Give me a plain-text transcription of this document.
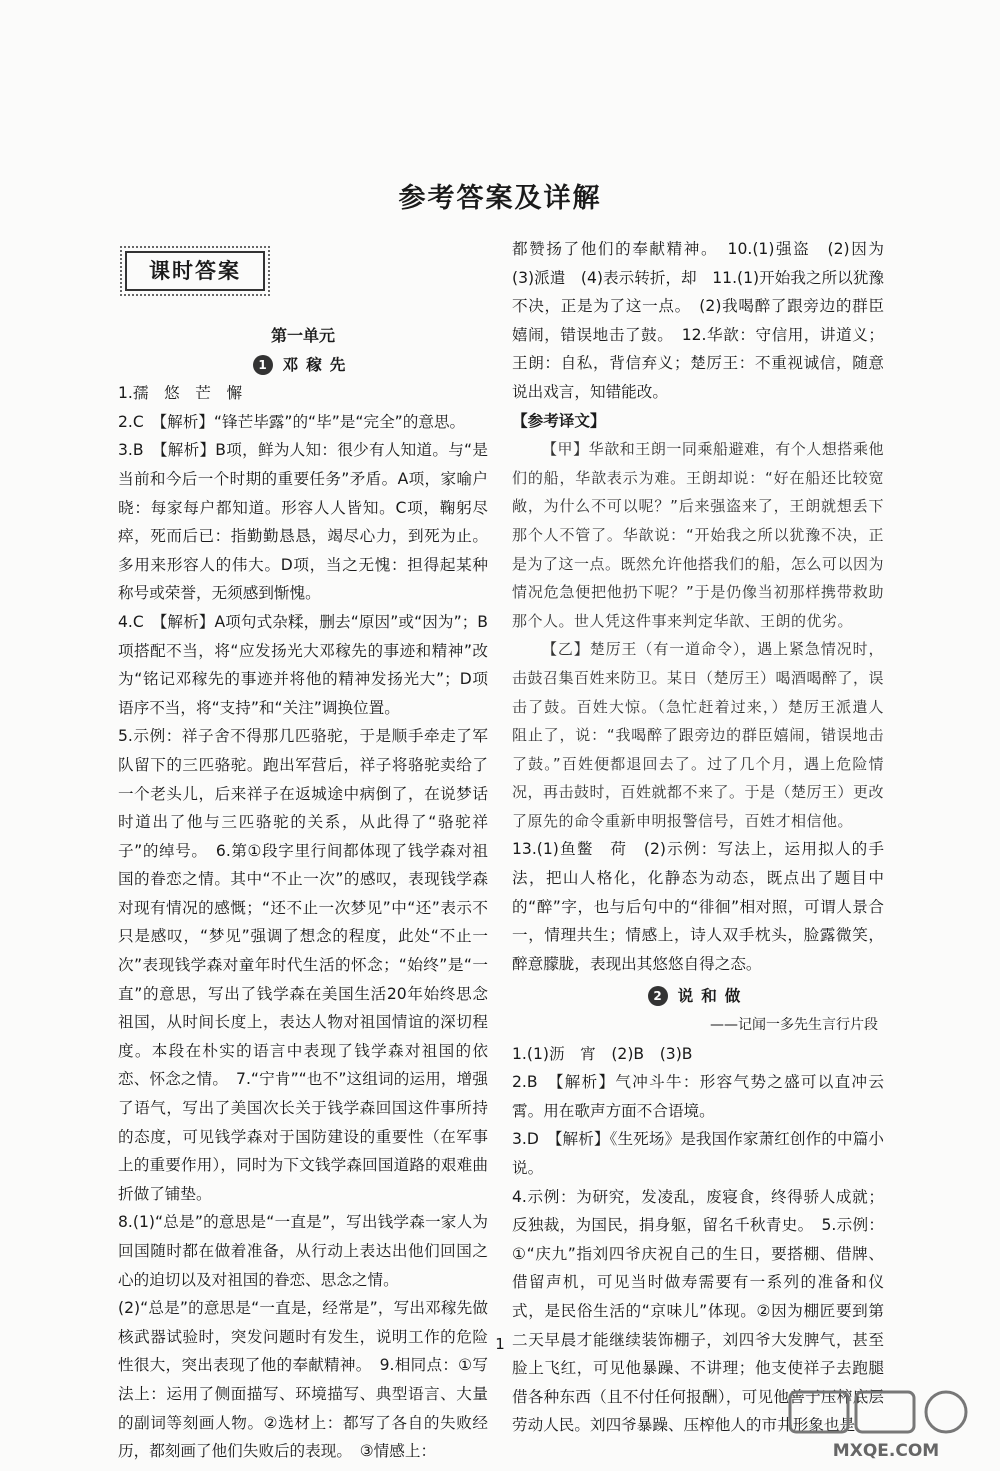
参考答案及详解
课时答案
第一单元
1 邓稼先

1.孺　悠　芒　懈

2.C　【解析】“锋芒毕露”的“毕”是“完全”的意思。

3.B　【解析】B项，鲜为人知：很少有人知道。与“是当前和今后一个时期的重要任务”矛盾。A项，家喻户晓：每家每户都知道。形容人人皆知。C项，鞠躬尽瘁，死而后已：指勤勤恳恳，竭尽心力，到死为止。多用来形容人的伟大。D项，当之无愧：担得起某种称号或荣誉，无须感到惭愧。

4.C　【解析】A项句式杂糅，删去“原因”或“因为”；B项搭配不当，将“应发扬光大邓稼先的事迹和精神”改为“铭记邓稼先的事迹并将他的精神发扬光大”；D项语序不当，将“支持”和“关注”调换位置。

5.示例：祥子舍不得那几匹骆驼，于是顺手牵走了军队留下的三匹骆驼。跑出军营后，祥子将骆驼卖给了一个老头儿，后来祥子在返城途中病倒了，在说梦话时道出了他与三匹骆驼的关系，从此得了“骆驼祥子”的绰号。　6.第①段字里行间都体现了钱学森对祖国的眷恋之情。其中“不止一次”的感叹，表现钱学森对现有情况的感慨；“还不止一次梦见”中“还”表示不只是感叹，“梦见”强调了想念的程度，此处“不止一次”表现钱学森对童年时代生活的怀念；“始终”是“一直”的意思，写出了钱学森在美国生活20年始终思念祖国，从时间长度上，表达人物对祖国情谊的深切程度。本段在朴实的语言中表现了钱学森对祖国的依恋、怀念之情。　7.“宁肯”“也不”这组词的运用，增强了语气，写出了美国次长关于钱学森回国这件事所持的态度，可见钱学森对于国防建设的重要性（在军事上的重要作用），同时为下文钱学森回国道路的艰难曲折做了铺垫。

8.(1)“总是”的意思是“一直是”，写出钱学森一家人为回国随时都在做着准备，从行动上表达出他们回国之心的迫切以及对祖国的眷恋、思念之情。

(2)“总是”的意思是“一直是，经常是”，写出邓稼先做核武器试验时，突发问题时有发生，说明工作的危险性很大，突出表现了他的奉献精神。　9.相同点：①写法上：运用了侧面描写、环境描写、典型语言、大量的副词等刻画人物。②选材上：都写了各自的失败经历，都刻画了他们失败后的表现。　③情感上：

都赞扬了他们的奉献精神。　10.(1)强盗　(2)因为　(3)派遣　(4)表示转折，却　11.(1)开始我之所以犹豫不决，正是为了这一点。　(2)我喝醉了跟旁边的群臣嬉闹，错误地击了鼓。　12.华歆：守信用，讲道义；王朗：自私，背信弃义；楚厉王：不重视诚信，随意说出戏言，知错能改。

【参考译文】

【甲】华歆和王朗一同乘船避难，有个人想搭乘他们的船，华歆表示为难。王朗却说：“好在船还比较宽敞，为什么不可以呢？”后来强盗来了，王朗就想丢下那个人不管了。华歆说：“开始我之所以犹豫不决，正是为了这一点。既然允许他搭我们的船，怎么可以因为情况危急便把他扔下呢？”于是仍像当初那样携带救助那个人。世人凭这件事来判定华歆、王朗的优劣。

【乙】楚厉王（有一道命令），遇上紧急情况时，击鼓召集百姓来防卫。某日（楚厉王）喝酒喝醉了，误击了鼓。百姓大惊。（急忙赶着过来，）楚厉王派遣人阻止了，说：“我喝醉了跟旁边的群臣嬉闹，错误地击了鼓。”百姓便都退回去了。过了几个月，遇上危险情况，再击鼓时，百姓就都不来了。于是（楚厉王）更改了原先的命令重新申明报警信号，百姓才相信他。

13.(1)鱼鳖　荷　(2)示例：写法上，运用拟人的手法，把山人格化，化静态为动态，既点出了题目中的“醉”字，也与后句中的“徘徊”相对照，可谓人景合一，情理共生；情感上，诗人双手枕头，脸露微笑，醉意朦胧，表现出其悠悠自得之态。

2 说和做
——记闻一多先生言行片段

1.(1)沥　宵　(2)B　(3)B

2.B　【解析】气冲斗牛：形容气势之盛可以直冲云霄。用在歌声方面不合语境。

3.D　【解析】《生死场》是我国作家萧红创作的中篇小说。

4.示例：为研究，发凌乱，废寝食，终得骄人成就；反独裁，为国民，捐身躯，留名千秋青史。　5.示例：①“庆九”指刘四爷庆祝自己的生日，要搭棚、借牌、借留声机，可见当时做寿需要有一系列的准备和仪式，是民俗生活的“京味儿”体现。②因为棚匠要到第二天早晨才能继续装饰棚子，刘四爷大发脾气，甚至脸上飞红，可见他暴躁、不讲理；他支使祥子去跑腿借各种东西（且不付任何报酬），可见他善于压榨底层劳动人民。刘四爷暴躁、压榨他人的市井形象也是

1
MXQE.COM
